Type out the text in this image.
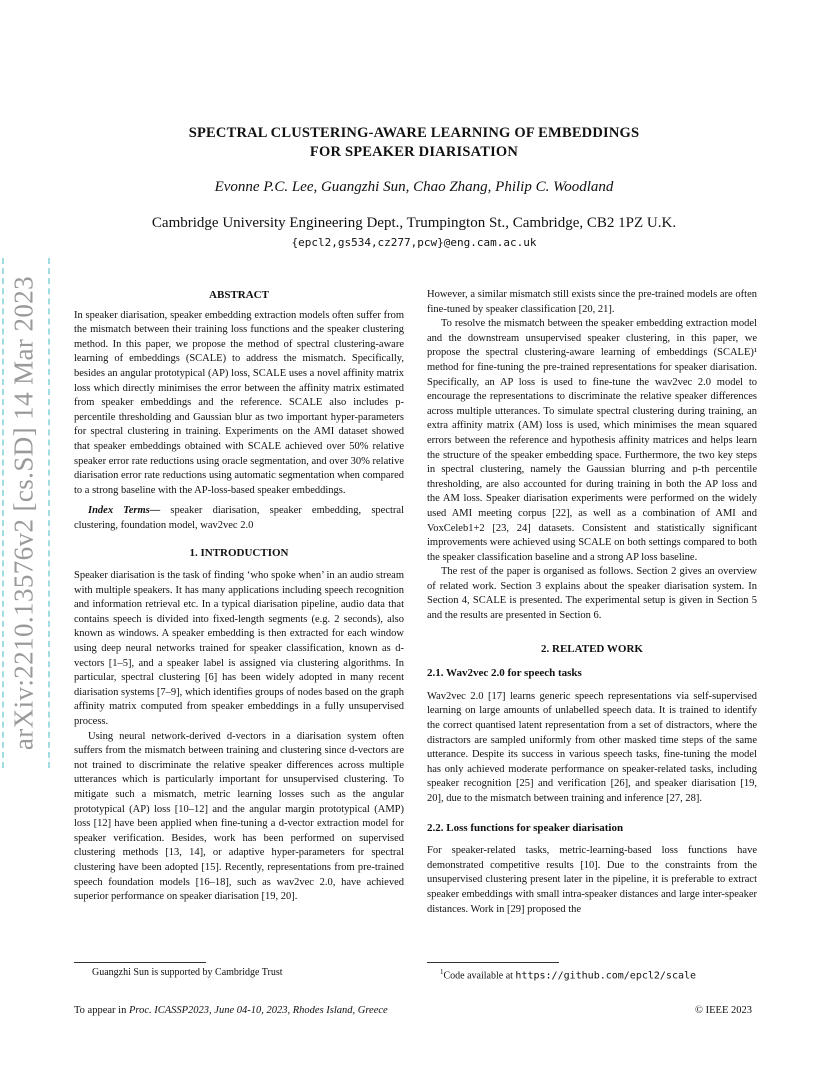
arXiv:2210.13576v2 [cs.SD] 14 Mar 2023
SPECTRAL CLUSTERING-AWARE LEARNING OF EMBEDDINGS
FOR SPEAKER DIARISATION
Evonne P.C. Lee, Guangzhi Sun, Chao Zhang, Philip C. Woodland
Cambridge University Engineering Dept., Trumpington St., Cambridge, CB2 1PZ U.K.
{epcl2,gs534,cz277,pcw}@eng.cam.ac.uk
ABSTRACT

In speaker diarisation, speaker embedding extraction models often suffer from the mismatch between their training loss functions and the speaker clustering method. In this paper, we propose the method of spectral clustering-aware learning of embeddings (SCALE) to address the mismatch. Specifically, besides an angular prototypical (AP) loss, SCALE uses a novel affinity matrix loss which directly minimises the error between the affinity matrix estimated from speaker embeddings and the reference. SCALE also includes p-percentile thresholding and Gaussian blur as two important hyper-parameters for spectral clustering in training. Experiments on the AMI dataset showed that speaker embeddings obtained with SCALE achieved over 50% relative speaker error rate reductions using oracle segmentation, and over 30% relative diarisation error rate reductions using automatic segmentation when compared to a strong baseline with the AP-loss-based speaker embeddings.

Index Terms— speaker diarisation, speaker embedding, spectral clustering, foundation model, wav2vec 2.0

1. INTRODUCTION

Speaker diarisation is the task of finding ‘who spoke when’ in an audio stream with multiple speakers. It has many applications including speech recognition and information retrieval etc. In a typical diarisation pipeline, audio data that contains speech is divided into fixed-length segments (e.g. 2 seconds), also known as windows. A speaker embedding is then extracted for each window using deep neural networks trained for speaker classification, known as d-vectors [1–5], and a speaker label is assigned via clustering algorithms. In particular, spectral clustering [6] has been widely adopted in many recent diarisation systems [7–9], which identifies groups of nodes based on the graph affinity matrix computed from speaker embeddings in a fully unsupervised process.

Using neural network-derived d-vectors in a diarisation system often suffers from the mismatch between training and clustering since d-vectors are not trained to discriminate the relative speaker differences across multiple utterances which is particularly important for unsupervised clustering. To mitigate such a mismatch, metric learning losses such as the angular prototypical (AP) loss [10–12] and the angular margin prototypical (AMP) loss [12] have been applied when fine-tuning a d-vector extraction model for speaker verification. Besides, work has been performed on supervised clustering methods [13, 14], or adaptive hyper-parameters for spectral clustering have been adopted [15]. Recently, representations from pre-trained speech foundation models [16–18], such as wav2vec 2.0, have achieved superior performance on speaker diarisation [19, 20].

Guangzhi Sun is supported by Cambridge Trust

However, a similar mismatch still exists since the pre-trained models are often fine-tuned by speaker classification [20, 21].

To resolve the mismatch between the speaker embedding extraction model and the downstream unsupervised speaker clustering, in this paper, we propose the spectral clustering-aware learning of embeddings (SCALE)¹ method for fine-tuning the pre-trained representations for speaker diarisation. Specifically, an AP loss is used to fine-tune the wav2vec 2.0 model to encourage the representations to discriminate the relative speaker differences across multiple utterances. To simulate spectral clustering during training, an extra affinity matrix (AM) loss is used, which minimises the mean squared errors between the reference and hypothesis affinity matrices and helps learn the structure of the speaker embedding space. Furthermore, the two key steps in spectral clustering, namely the Gaussian blurring and p-th percentile thresholding, are also accounted for during training in both the AP loss and the AM loss. Speaker diarisation experiments were performed on the widely used AMI meeting corpus [22], as well as a combination of AMI and VoxCeleb1+2 [23, 24] datasets. Consistent and statistically significant improvements were achieved using SCALE on both settings compared to both the speaker classification baseline and a strong AP loss baseline.

The rest of the paper is organised as follows. Section 2 gives an overview of related work. Section 3 explains about the speaker diarisation system. In Section 4, SCALE is presented. The experimental setup is given in Section 5 and the results are presented in Section 6.

2. RELATED WORK
2.1. Wav2vec 2.0 for speech tasks

Wav2vec 2.0 [17] learns generic speech representations via self-supervised learning on large amounts of unlabelled speech data. It is trained to identify the correct quantised latent representation from a set of distractors, where the distractors are sampled uniformly from other masked time steps of the same utterance. Despite its success in various speech tasks, fine-tuning the model has only achieved moderate performance on speaker-related tasks, including speaker recognition [25] and verification [26], and speaker diarisation [19, 20], due to the mismatch between training and inference [27, 28].

2.2. Loss functions for speaker diarisation

For speaker-related tasks, metric-learning-based loss functions have demonstrated competitive results [10]. Due to the constraints from the unsupervised clustering present later in the pipeline, it is preferable to extract speaker embeddings with small intra-speaker distances and large inter-speaker distances. Work in [29] proposed the

$^1$Code available at https://github.com/epcl2/scale
To appear in Proc. ICASSP2023, June 04-10, 2023, Rhodes Island, Greece	© IEEE 2023
